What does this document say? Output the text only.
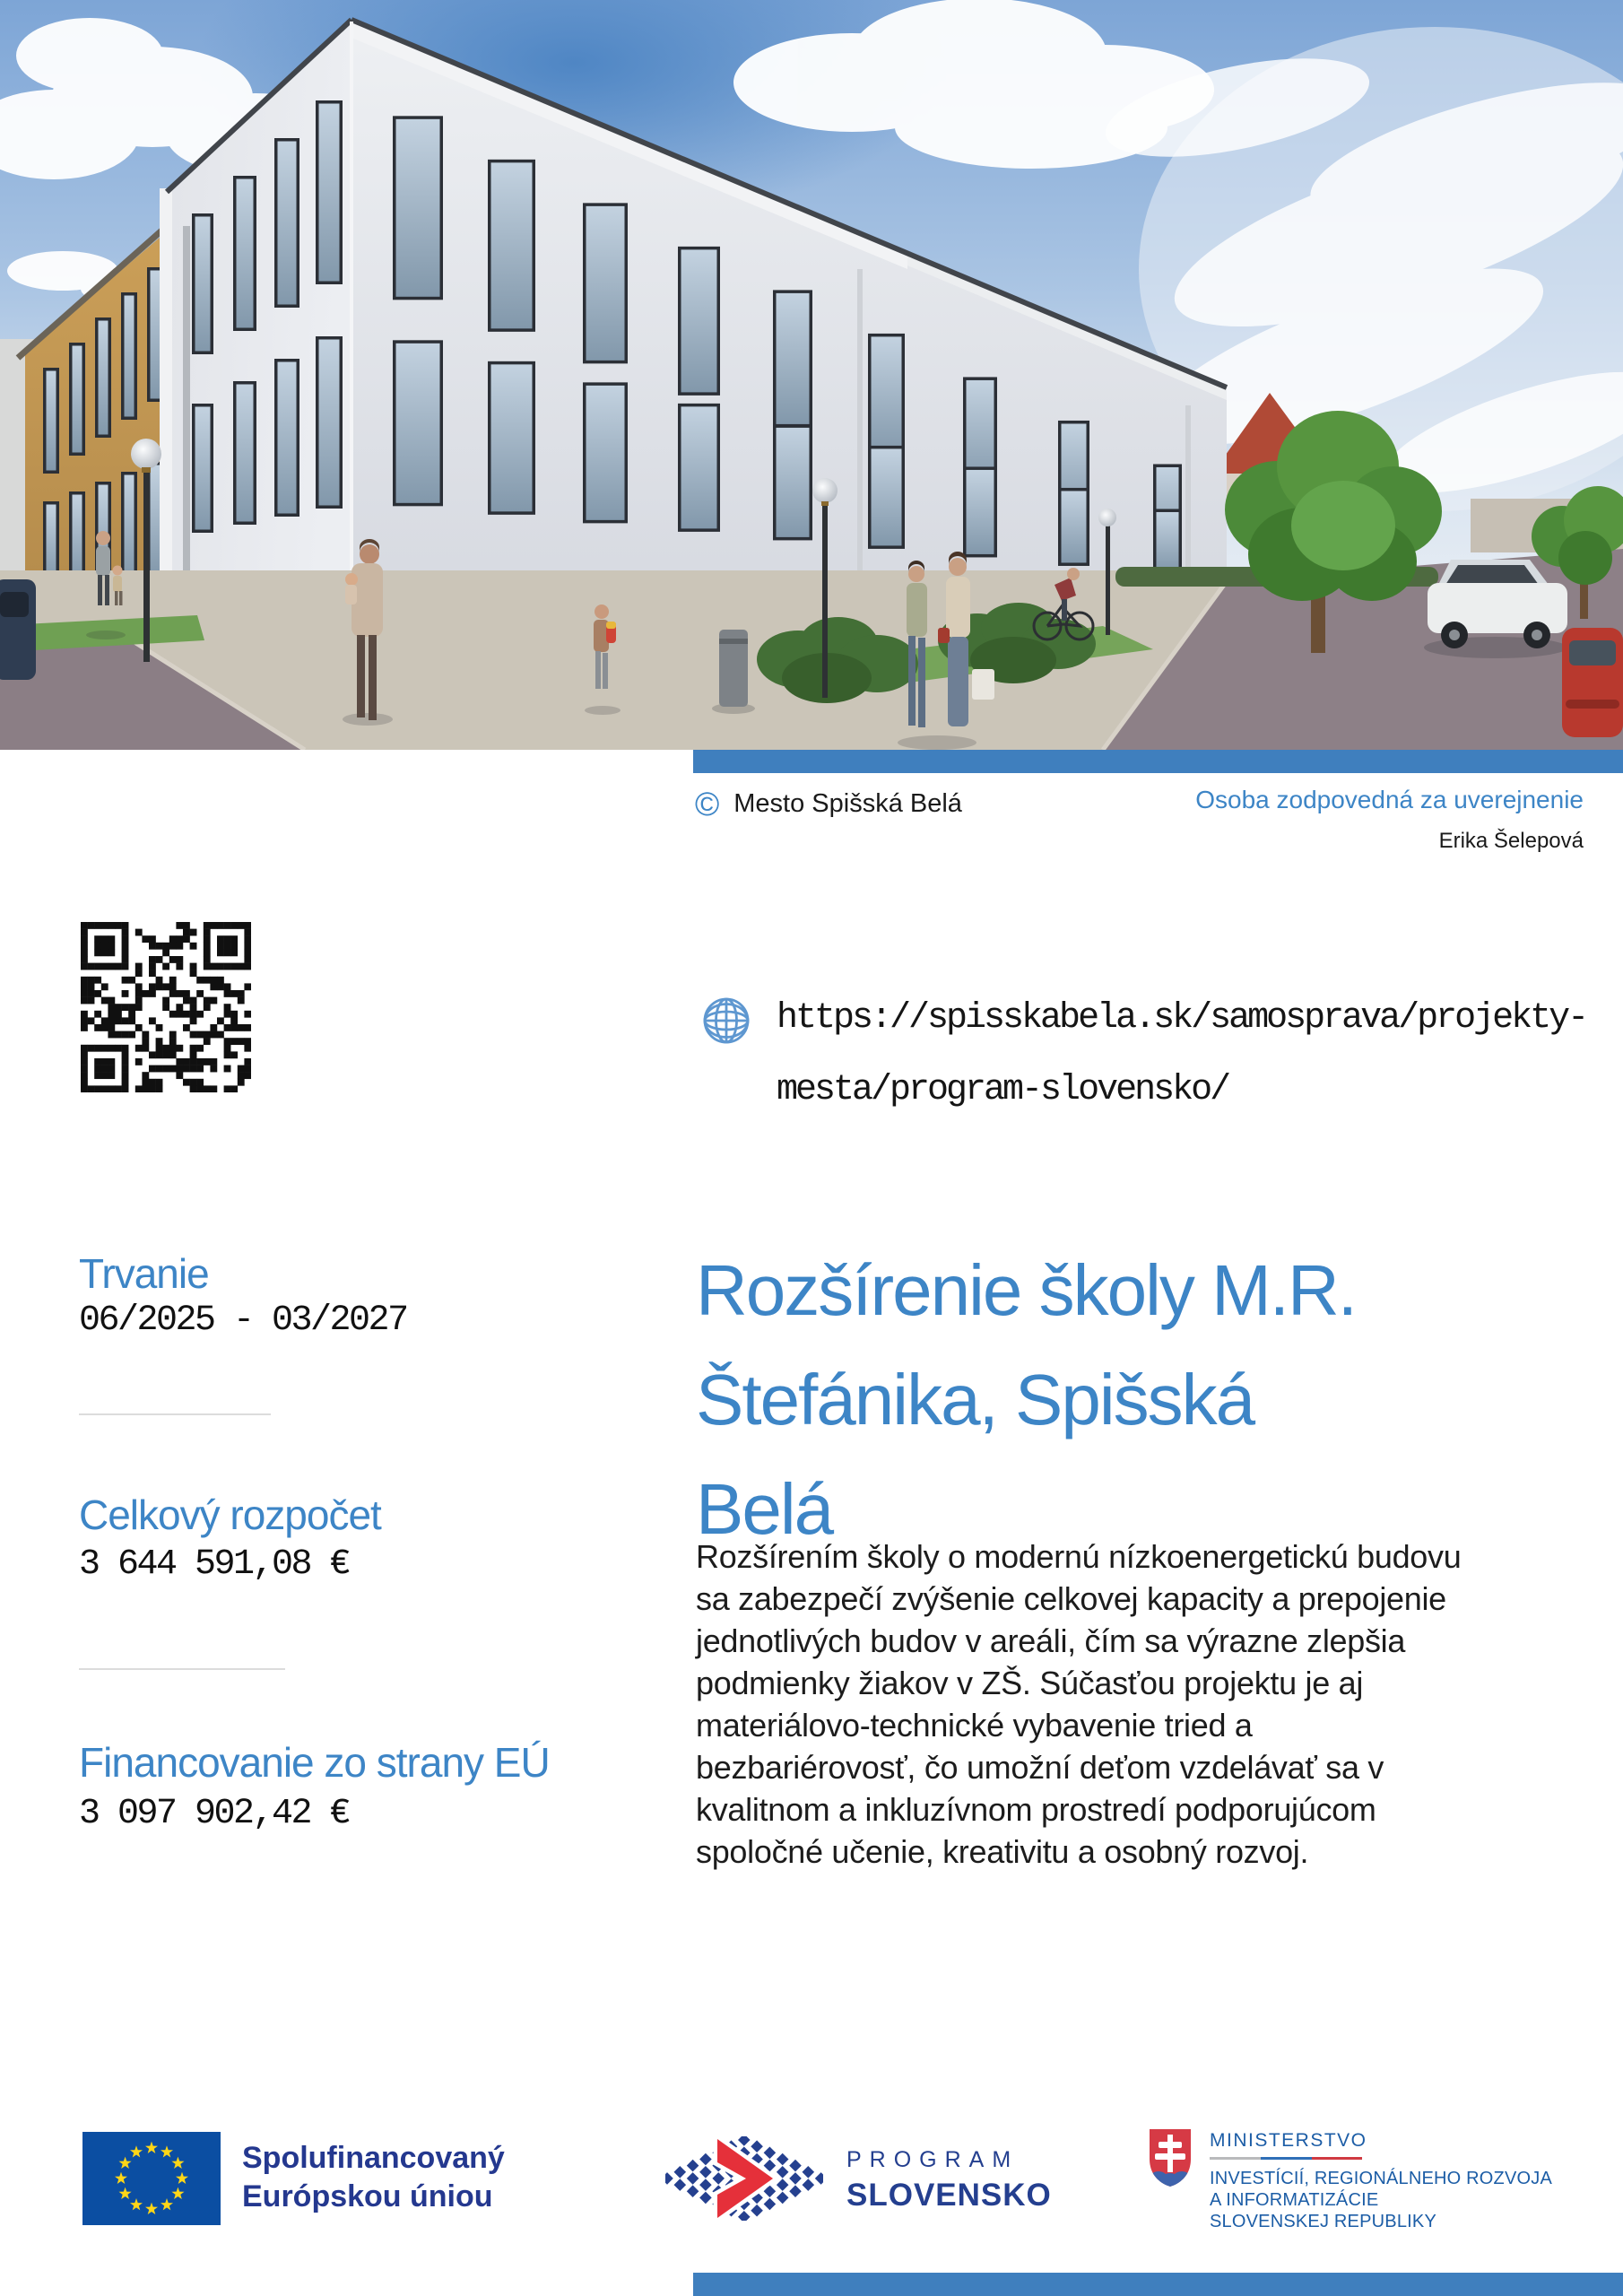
© Mesto Spišská Belá	Osoba zodpovedná za uverejnenie
Erika Šelepová
https://spisskabela.sk/samosprava/projekty-
mesta/program-slovensko/
Trvanie
06/2025 - 03/2027
Celkový rozpočet
3 644 591,08 €
Financovanie zo strany EÚ
3 097 902,42 €
Rozšírenie školy M.R.
Štefánika, Spišská
Belá
Rozšírením školy o modernú nízkoenergetickú budovu
sa zabezpečí zvýšenie celkovej kapacity a prepojenie
jednotlivých budov v areáli, čím sa výrazne zlepšia
podmienky žiakov v ZŠ. Súčasťou projektu je aj
materiálovo-technické vybavenie tried a
bezbariérovosť, čo umožní deťom vzdelávať sa v
kvalitnom a inkluzívnom prostredí podporujúcom
spoločné učenie, kreativitu a osobný rozvoj.
Spolufinancovaný
Európskou úniou
PROGRAM
SLOVENSKO
MINISTERSTVO
INVESTÍCIÍ, REGIONÁLNEHO ROZVOJA
A INFORMATIZÁCIE
SLOVENSKEJ REPUBLIKY
